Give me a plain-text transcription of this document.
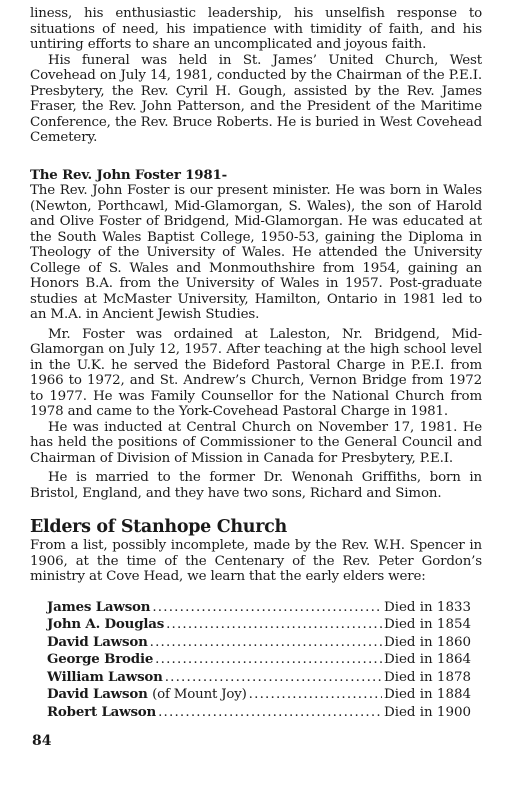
liness, his enthusiastic leadership, his unselfish response to situations of need, his impatience with timidity of faith, and his untiring efforts to share an uncomplicated and joyous faith.

His funeral was held in St. James’ United Church, West Covehead on July 14, 1981, conducted by the Chairman of the P.E.I. Presbytery, the Rev. Cyril H. Gough, assisted by the Rev. James Fraser, the Rev. John Patterson, and the President of the Maritime Conference, the Rev. Bruce Roberts. He is buried in West Covehead Cemetery.

The Rev. John Foster 1981-

The Rev. John Foster is our present minister. He was born in Wales (Newton, Porthcawl, Mid-Glamorgan, S. Wales), the son of Harold and Olive Foster of Bridgend, Mid-Glamorgan. He was educated at the South Wales Baptist College, 1950-53, gaining the Diploma in Theology of the University of Wales. He attended the University College of S. Wales and Monmouthshire from 1954, gaining an Honors B.A. from the University of Wales in 1957. Post-graduate studies at McMaster University, Hamilton, Ontario in 1981 led to an M.A. in Ancient Jewish Studies.

Mr. Foster was ordained at Laleston, Nr. Bridgend, Mid-Glamorgan on July 12, 1957. After teaching at the high school level in the U.K. he served the Bideford Pastoral Charge in P.E.I. from 1966 to 1972, and St. Andrew’s Church, Vernon Bridge from 1972 to 1977. He was Family Counsellor for the National Church from 1978 and came to the York-Covehead Pastoral Charge in 1981.

He was inducted at Central Church on November 17, 1981. He has held the positions of Commissioner to the General Council and Chairman of Division of Mission in Canada for Presbytery, P.E.I.

He is married to the former Dr. Wenonah Griffiths, born in Bristol, England, and they have two sons, Richard and Simon.

Elders of Stanhope Church

From a list, possibly incomplete, made by the Rev. W.H. Spencer in 1906, at the time of the Centenary of the Rev. Peter Gordon’s ministry at Cove Head, we learn that the early elders were:

James Lawson .....	Died in 1833
John A. Douglas .....	Died in 1854
David Lawson .....	Died in 1860
George Brodie .....	Died in 1864
William Lawson .....	Died in 1878
David Lawson (of Mount Joy) .....	Died in 1884
Robert Lawson .....	Died in 1900
84
